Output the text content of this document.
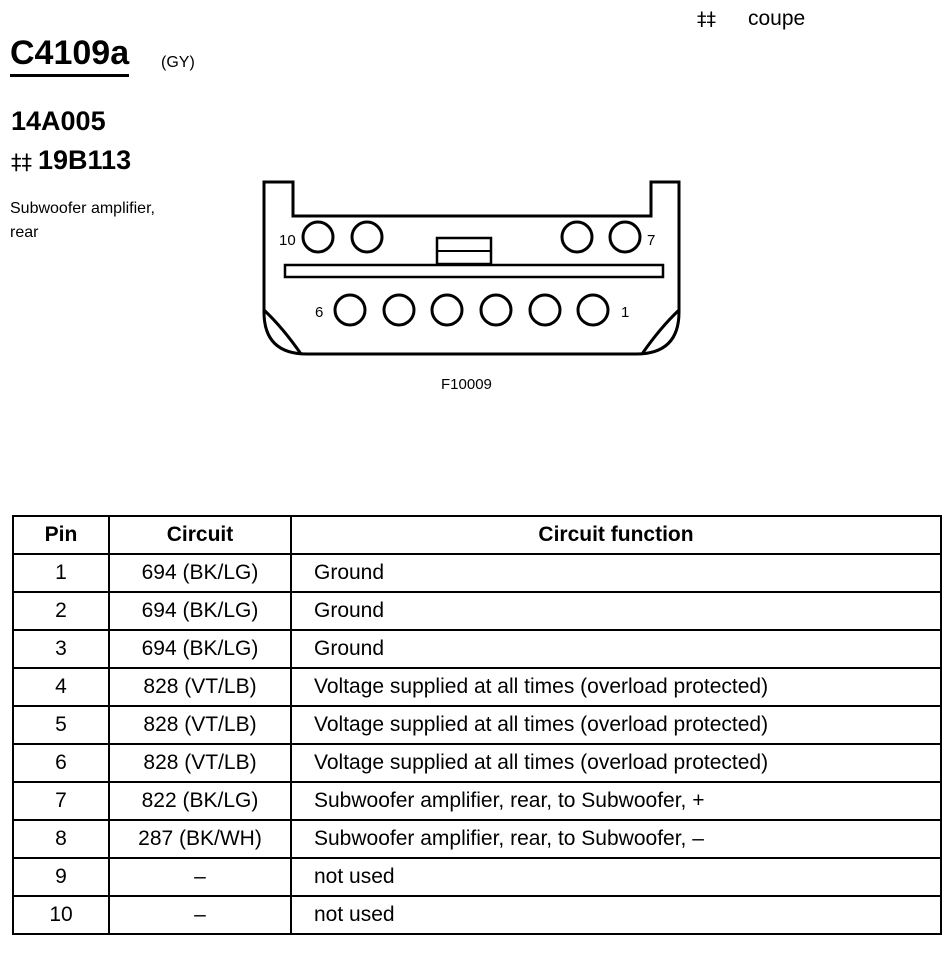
‡‡ coupe
C4109a (GY)
14A005
‡‡ 19B113
Subwoofer amplifier,
rear	10	7
6	1
F10009
Pin	Circuit	Circuit function
1	694 (BK/LG)	Ground
2	694 (BK/LG)	Ground
3	694 (BK/LG)	Ground
4	828 (VT/LB)	Voltage supplied at all times (overload protected)
5	828 (VT/LB)	Voltage supplied at all times (overload protected)
6	828 (VT/LB)	Voltage supplied at all times (overload protected)
7	822 (BK/LG)	Subwoofer amplifier, rear, to Subwoofer, +
8	287 (BK/WH)	Subwoofer amplifier, rear, to Subwoofer, –
9	–	not used
10	–	not used
